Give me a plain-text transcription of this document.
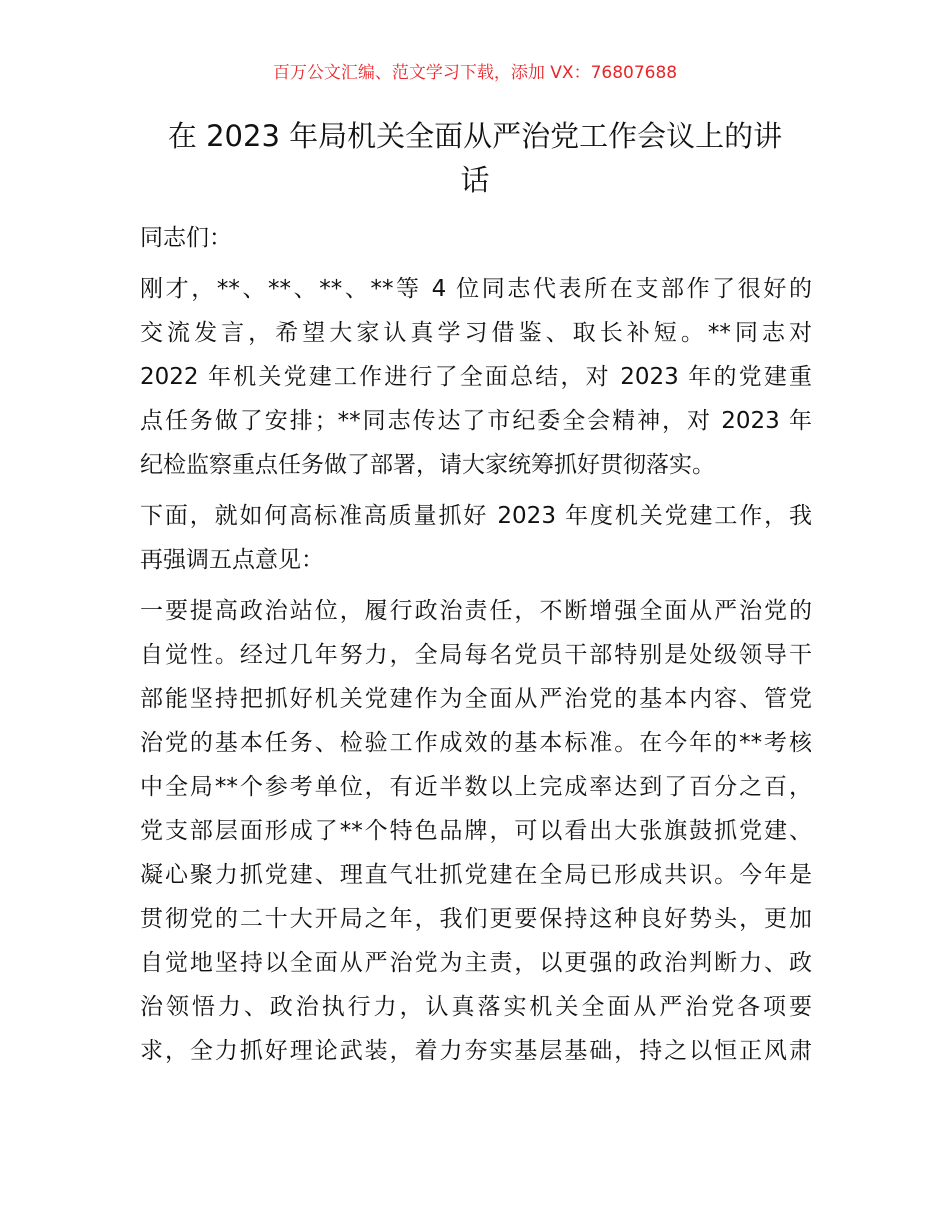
百万公文汇编、范文学习下载，添加 VX：76807688
在 2023 年局机关全面从严治党工作会议上的讲
话
同志们：
刚才，**、**、**、**等 4 位同志代表所在支部作了很好的
交流发言，希望大家认真学习借鉴、取长补短。**同志对
2022 年机关党建工作进行了全面总结，对 2023 年的党建重
点任务做了安排；**同志传达了市纪委全会精神，对 2023 年
纪检监察重点任务做了部署，请大家统筹抓好贯彻落实。
下面，就如何高标准高质量抓好 2023 年度机关党建工作，我
再强调五点意见：
一要提高政治站位，履行政治责任，不断增强全面从严治党的
自觉性。经过几年努力，全局每名党员干部特别是处级领导干
部能坚持把抓好机关党建作为全面从严治党的基本内容、管党
治党的基本任务、检验工作成效的基本标准。在今年的**考核
中全局**个参考单位，有近半数以上完成率达到了百分之百，
党支部层面形成了**个特色品牌，可以看出大张旗鼓抓党建、
凝心聚力抓党建、理直气壮抓党建在全局已形成共识。今年是
贯彻党的二十大开局之年，我们更要保持这种良好势头，更加
自觉地坚持以全面从严治党为主责，以更强的政治判断力、政
治领悟力、政治执行力，认真落实机关全面从严治党各项要
求，全力抓好理论武装，着力夯实基层基础，持之以恒正风肃
